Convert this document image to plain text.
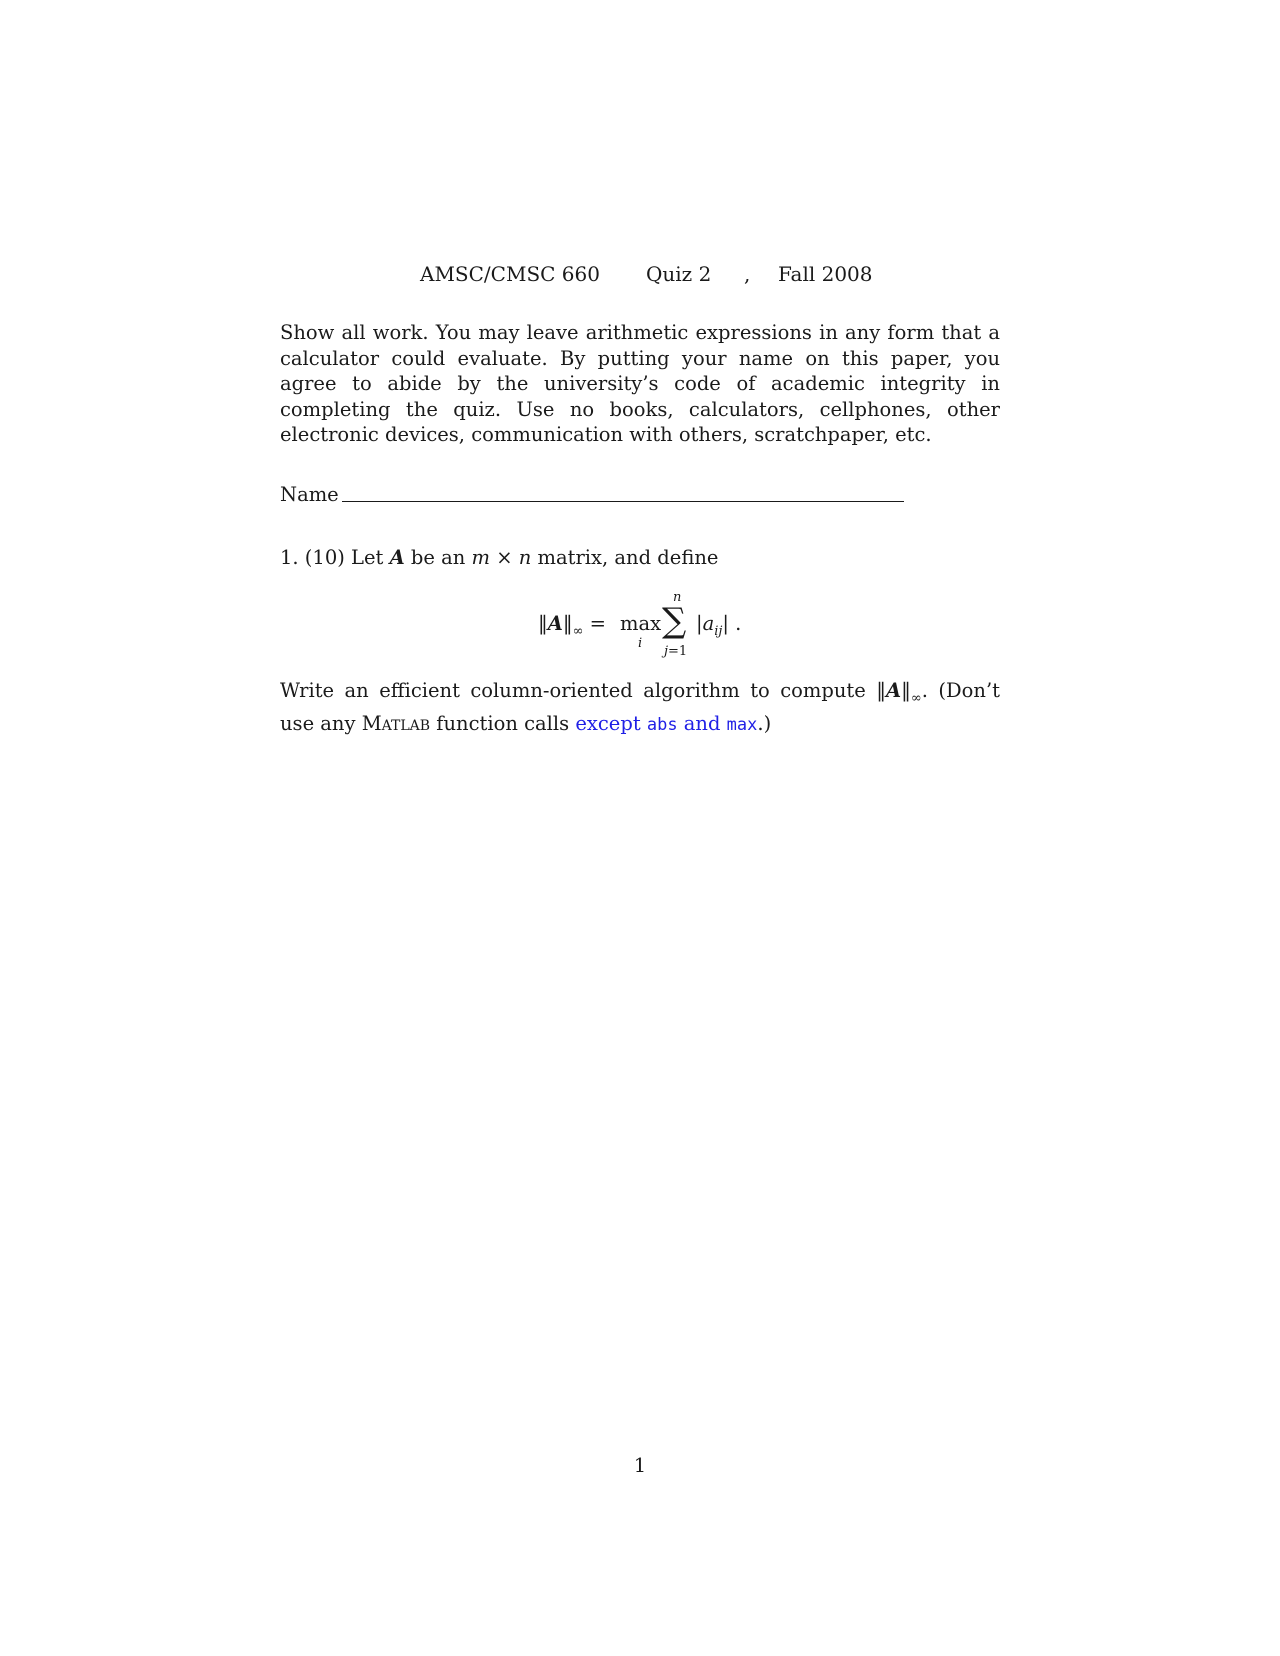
AMSC/CMSC 660 Quiz 2 , Fall 2008
Show all work. You may leave arithmetic expressions in any form that a calculator could evaluate. By putting your name on this paper, you agree to abide by the university’s code of academic integrity in completing the quiz. Use no books, calculators, cellphones, other electronic devices, communication with others, scratchpaper, etc.
Name
1. (10) Let A be an m × n matrix, and define
$‖A‖_\infty = \max$
i
n
∑
j=1
$|a_{ij}|$ .
Write an efficient column-oriented algorithm to compute $‖A‖_\infty$. (Don’t use any Matlab function calls except abs and max.)
1
